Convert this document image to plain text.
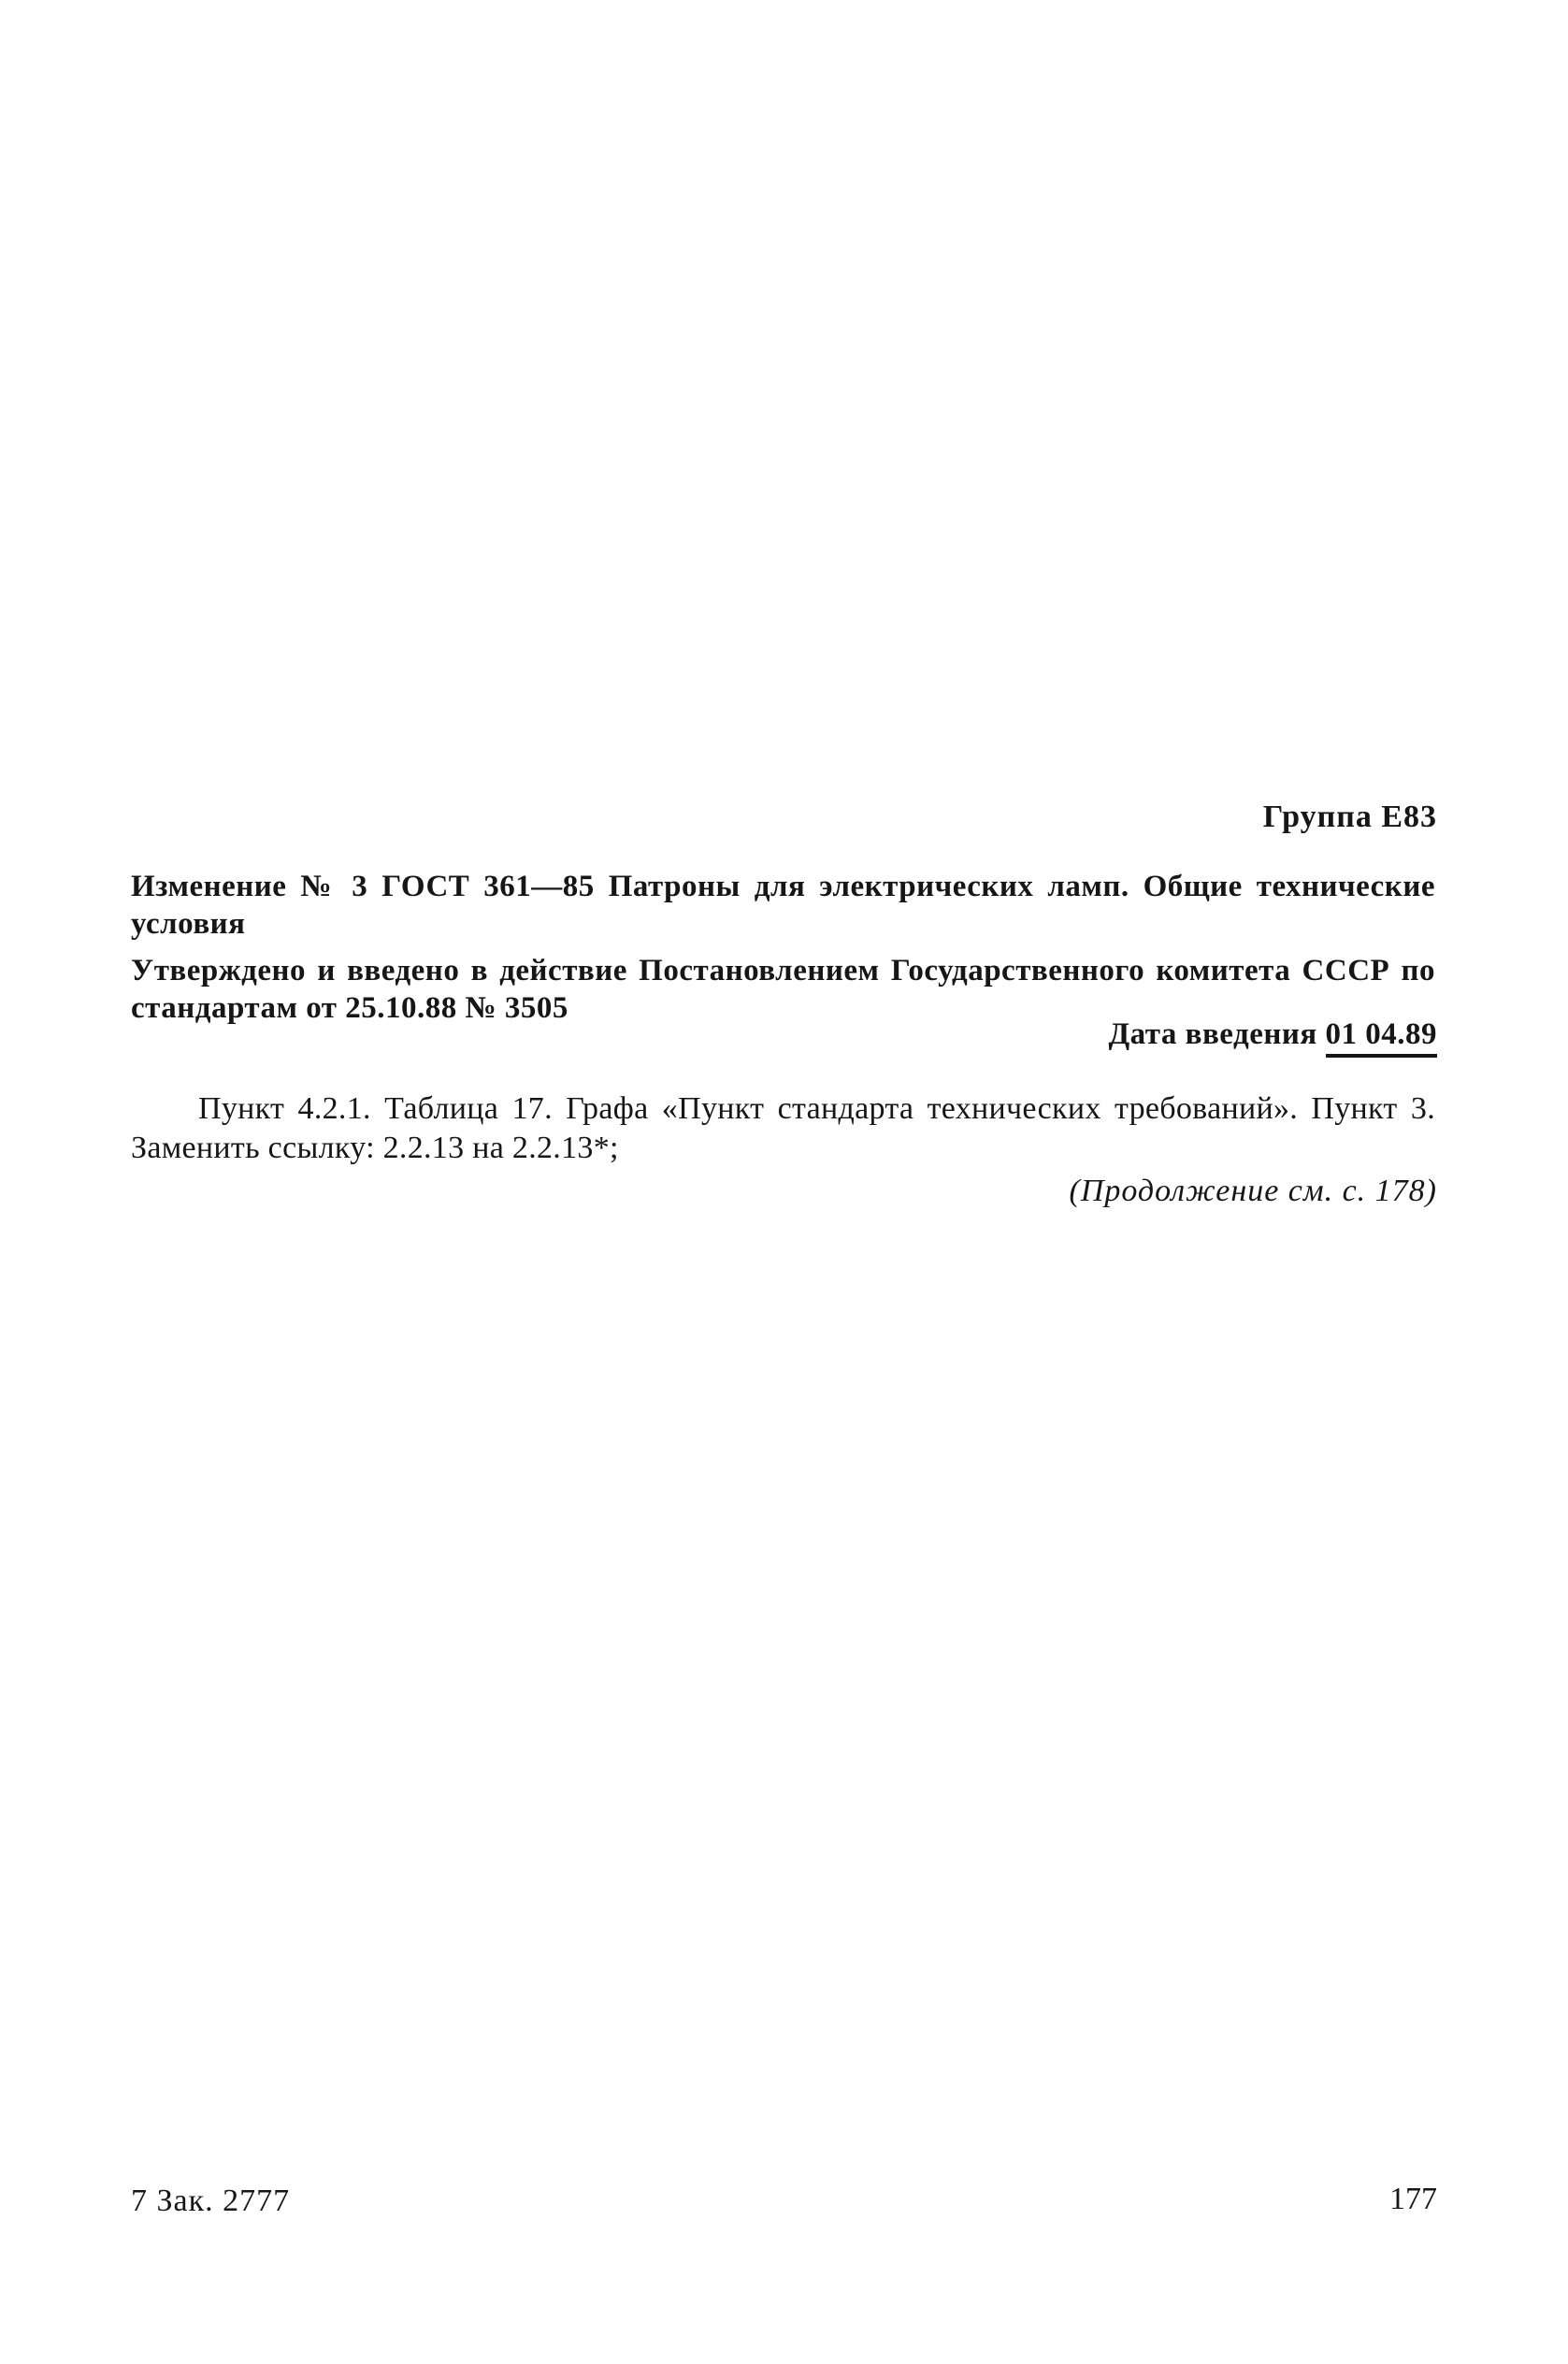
Группа E83
Изменение № 3 ГОСТ 361—85 Патроны для электрических ламп. Общие технические условия
Утверждено и введено в действие Постановлением Государственного комитета СССР по стандартам от 25.10.88 № 3505
Дата введения 01 04.89
Пункт 4.2.1. Таблица 17. Графа «Пункт стандарта технических требований». Пункт 3. Заменить ссылку: 2.2.13 на 2.2.13*;
(Продолжение см. с. 178)
7 Зак. 2777	177
